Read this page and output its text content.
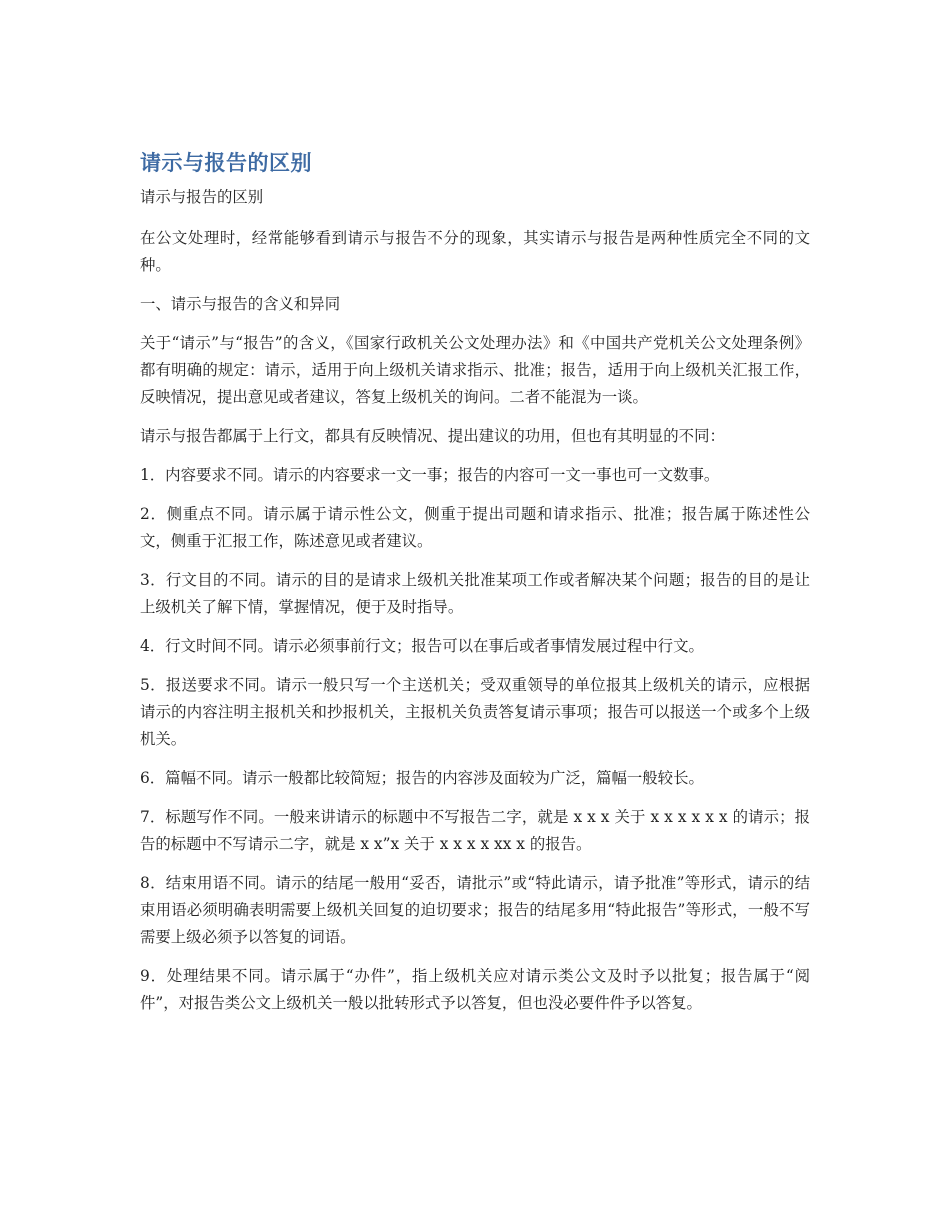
请示与报告的区别

请示与报告的区别

在公文处理时，经常能够看到请示与报告不分的现象，其实请示与报告是两种性质完全不同的文种。

一、请示与报告的含义和异同

关于“请示”与“报告”的含义，《国家行政机关公文处理办法》和《中国共产党机关公文处理条例》都有明确的规定：请示，适用于向上级机关请求指示、批准；报告，适用于向上级机关汇报工作，反映情况，提出意见或者建议，答复上级机关的询问。二者不能混为一谈。

请示与报告都属于上行文，都具有反映情况、提出建议的功用，但也有其明显的不同：

1．内容要求不同。请示的内容要求一文一事；报告的内容可一文一事也可一文数事。

2．侧重点不同。请示属于请示性公文，侧重于提出司题和请求指示、批准；报告属于陈述性公文，侧重于汇报工作，陈述意见或者建议。

3．行文目的不同。请示的目的是请求上级机关批准某项工作或者解决某个问题；报告的目的是让上级机关了解下情，掌握情况，便于及时指导。

4．行文时间不同。请示必须事前行文；报告可以在事后或者事情发展过程中行文。

5．报送要求不同。请示一般只写一个主送机关；受双重领导的单位报其上级机关的请示，应根据请示的内容注明主报机关和抄报机关，主报机关负责答复请示事项；报告可以报送一个或多个上级机关。

6．篇幅不同。请示一般都比较简短；报告的内容涉及面较为广泛，篇幅一般较长。

7．标题写作不同。一般来讲请示的标题中不写报告二字，就是 x x x 关于 x x x x x x 的请示；报告的标题中不写请示二字，就是 x x”x 关于 x x x x xx x 的报告。

8．结束用语不同。请示的结尾一般用“妥否，请批示”或“特此请示，请予批准”等形式，请示的结束用语必须明确表明需要上级机关回复的迫切要求；报告的结尾多用“特此报告”等形式，一般不写需要上级必须予以答复的词语。

9．处理结果不同。请示属于“办件”，指上级机关应对请示类公文及时予以批复；报告属于“阅件”，对报告类公文上级机关一般以批转形式予以答复，但也没必要件件予以答复。
